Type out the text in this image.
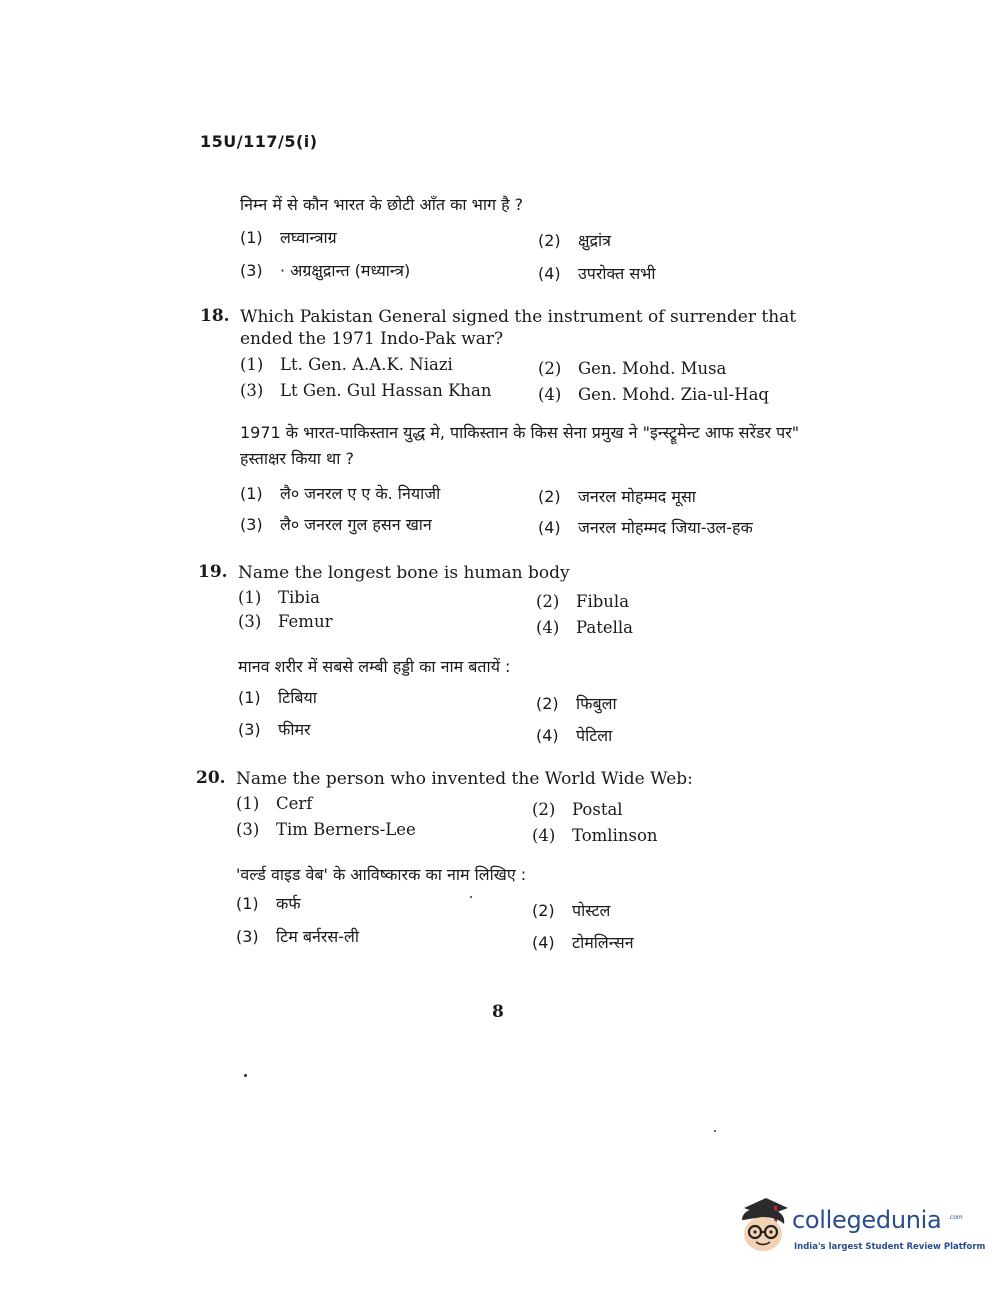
15U/117/5(i)
निम्न में से कौन भारत के छोटी आँत का भाग है ?
(1) लघ्वान्त्राग्र	(2) क्षुद्रांत्र
(3) · अग्रक्षुद्रान्त (मध्यान्त्र)	(4) उपरोक्त सभी
18. Which Pakistan General signed the instrument of surrender that ended the 1971 Indo-Pak war?
(1) Lt. Gen. A.A.K. Niazi	(2) Gen. Mohd. Musa
(3) Lt Gen. Gul Hassan Khan	(4) Gen. Mohd. Zia-ul-Haq
1971 के भारत-पाकिस्तान युद्ध मे, पाकिस्तान के किस सेना प्रमुख ने "इन्स्ट्रूमेन्ट आफ सरेंडर पर" हस्ताक्षर किया था ?
(1) लै० जनरल ए ए के. नियाजी	(2) जनरल मोहम्मद मूसा
(3) लै० जनरल गुल हसन खान	(4) जनरल मोहम्मद जिया-उल-हक
19. Name the longest bone is human body
(1) Tibia	(2) Fibula
(3) Femur	(4) Patella
मानव शरीर में सबसे लम्बी हड्डी का नाम बतायें :
(1) टिबिया	(2) फिबुला
(3) फीमर	(4) पेटिला
20. Name the person who invented the World Wide Web:
(1) Cerf	(2) Postal
(3) Tim Berners-Lee	(4) Tomlinson
'वर्ल्ड वाइड वेब' के आविष्कारक का नाम लिखिए :
(1) कर्फ	(2) पोस्टल
(3) टिम बर्नरस-ली	(4) टोमलिन्सन
8
collegedunia .com
India's largest Student Review Platform
